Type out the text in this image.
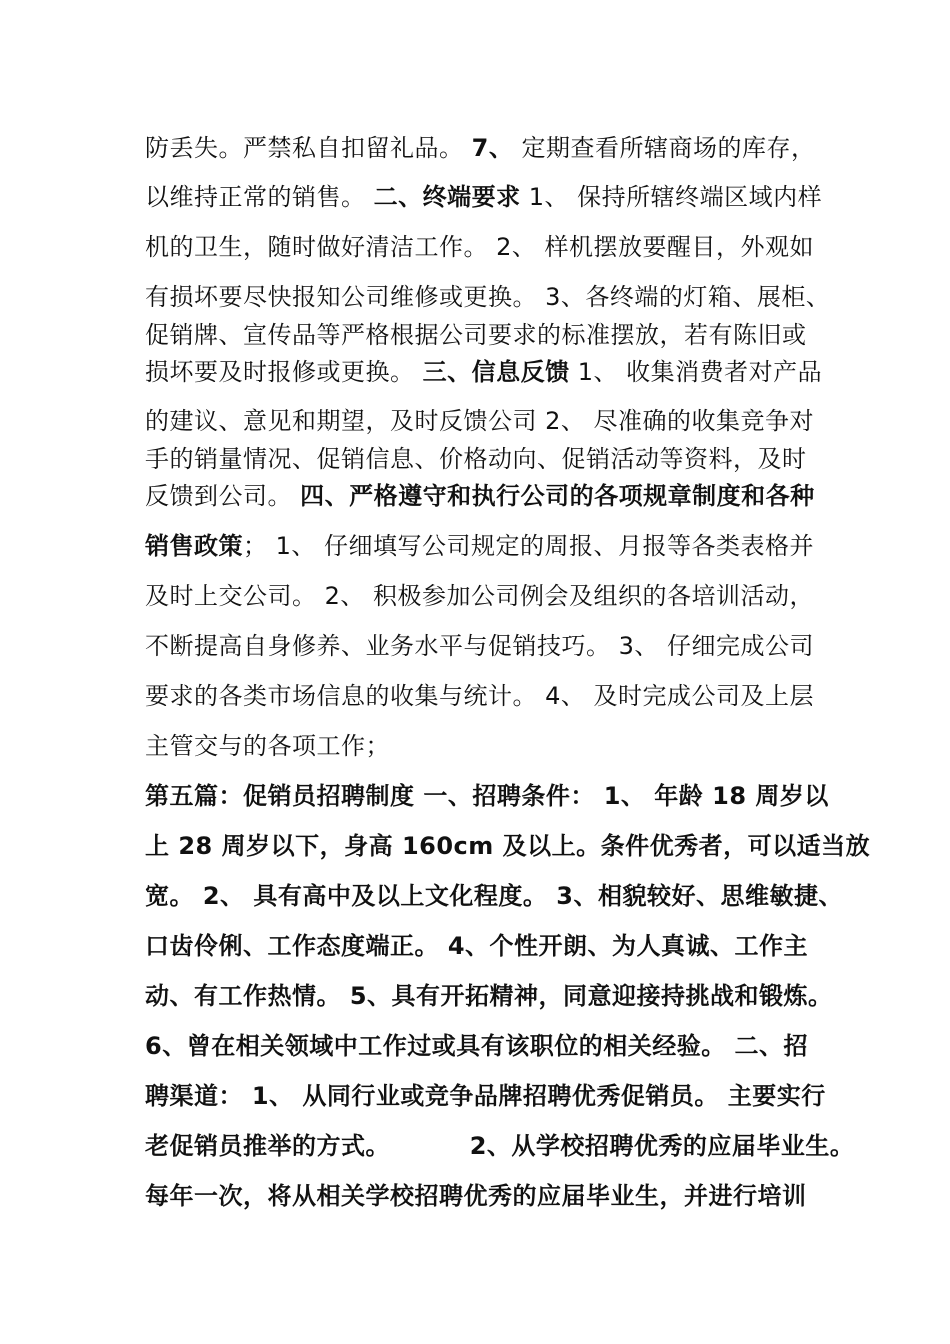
防丢失。严禁私自扣留礼品。 7、 定期查看所辖商场的库存，
以维持正常的销售。 二、终端要求 1、 保持所辖终端区域内样
机的卫生，随时做好清洁工作。 2、 样机摆放要醒目，外观如
有损坏要尽快报知公司维修或更换。 3、各终端的灯箱、展柜、
促销牌、宣传品等严格根据公司要求的标准摆放，若有陈旧或
损坏要及时报修或更换。 三、信息反馈 1、 收集消费者对产品
的建议、意见和期望，及时反馈公司 2、 尽准确的收集竞争对
手的销量情况、促销信息、价格动向、促销活动等资料，及时
反馈到公司。 四、严格遵守和执行公司的各项规章制度和各种
销售政策； 1、 仔细填写公司规定的周报、月报等各类表格并
及时上交公司。 2、 积极参加公司例会及组织的各培训活动，
不断提高自身修养、业务水平与促销技巧。 3、 仔细完成公司
要求的各类市场信息的收集与统计。 4、 及时完成公司及上层
主管交与的各项工作；
第五篇：促销员招聘制度 一、招聘条件： 1、 年龄 18 周岁以
上 28 周岁以下，身高 160cm 及以上。条件优秀者，可以适当放
宽。 2、 具有高中及以上文化程度。 3、相貌较好、思维敏捷、
口齿伶俐、工作态度端正。 4、个性开朗、为人真诚、工作主
动、有工作热情。 5、具有开拓精神，同意迎接持挑战和锻炼。
6、曾在相关领域中工作过或具有该职位的相关经验。 二、招
聘渠道： 1、 从同行业或竞争品牌招聘优秀促销员。 主要实行
老促销员推举的方式。         2、从学校招聘优秀的应届毕业生。
每年一次，将从相关学校招聘优秀的应届毕业生，并进行培训
